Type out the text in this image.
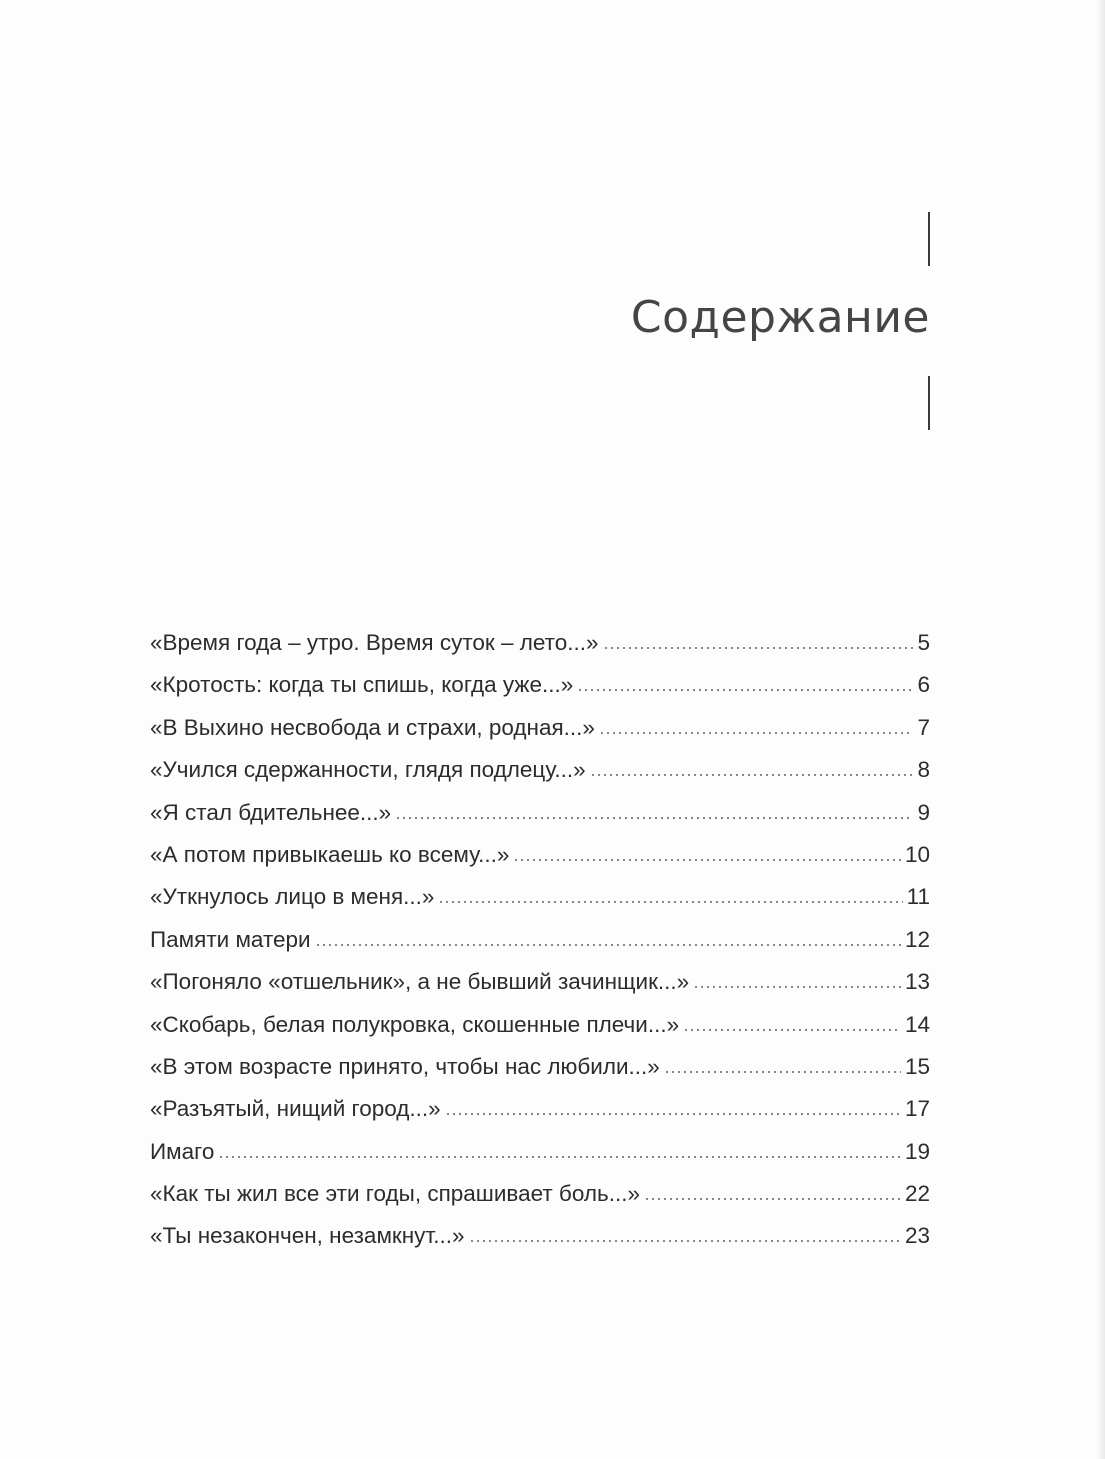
Содержание
«Время года – утро. Время суток – лето...»	5
«Кротость: когда ты спишь, когда уже...»	6
«В Выхино несвобода и страхи, родная...»	7
«Учился сдержанности, глядя подлецу...»	8
«Я стал бдительнее...»	9
«А потом привыкаешь ко всему...»	10
«Уткнулось лицо в меня...»	11
Памяти матери	12
«Погоняло «отшельник», а не бывший зачинщик...»	13
«Скобарь, белая полукровка, скошенные плечи...»	14
«В этом возрасте принято, чтобы нас любили...»	15
«Разъятый, нищий город...»	17
Имаго	19
«Как ты жил все эти годы, спрашивает боль...»	22
«Ты незакончен, незамкнут...»	23
